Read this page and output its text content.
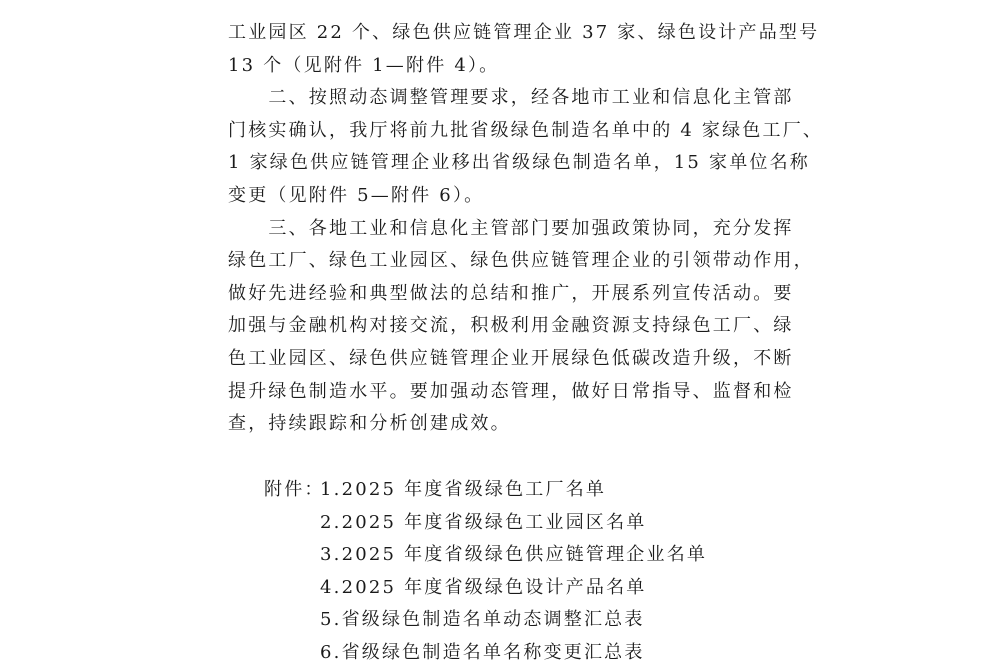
工业园区 22 个、绿色供应链管理企业 37 家、绿色设计产品型号
13 个（见附件 1—附件 4）。

　　二、按照动态调整管理要求，经各地市工业和信息化主管部
门核实确认，我厅将前九批省级绿色制造名单中的 4 家绿色工厂、
1 家绿色供应链管理企业移出省级绿色制造名单，15 家单位名称
变更（见附件 5—附件 6）。

　　三、各地工业和信息化主管部门要加强政策协同，充分发挥
绿色工厂、绿色工业园区、绿色供应链管理企业的引领带动作用，
做好先进经验和典型做法的总结和推广，开展系列宣传活动。要
加强与金融机构对接交流，积极利用金融资源支持绿色工厂、绿
色工业园区、绿色供应链管理企业开展绿色低碳改造升级，不断
提升绿色制造水平。要加强动态管理，做好日常指导、监督和检
查，持续跟踪和分析创建成效。

附件：
1.2025 年度省级绿色工厂名单
2.2025 年度省级绿色工业园区名单
3.2025 年度省级绿色供应链管理企业名单
4.2025 年度省级绿色设计产品名单
5.省级绿色制造名单动态调整汇总表
6.省级绿色制造名单名称变更汇总表
